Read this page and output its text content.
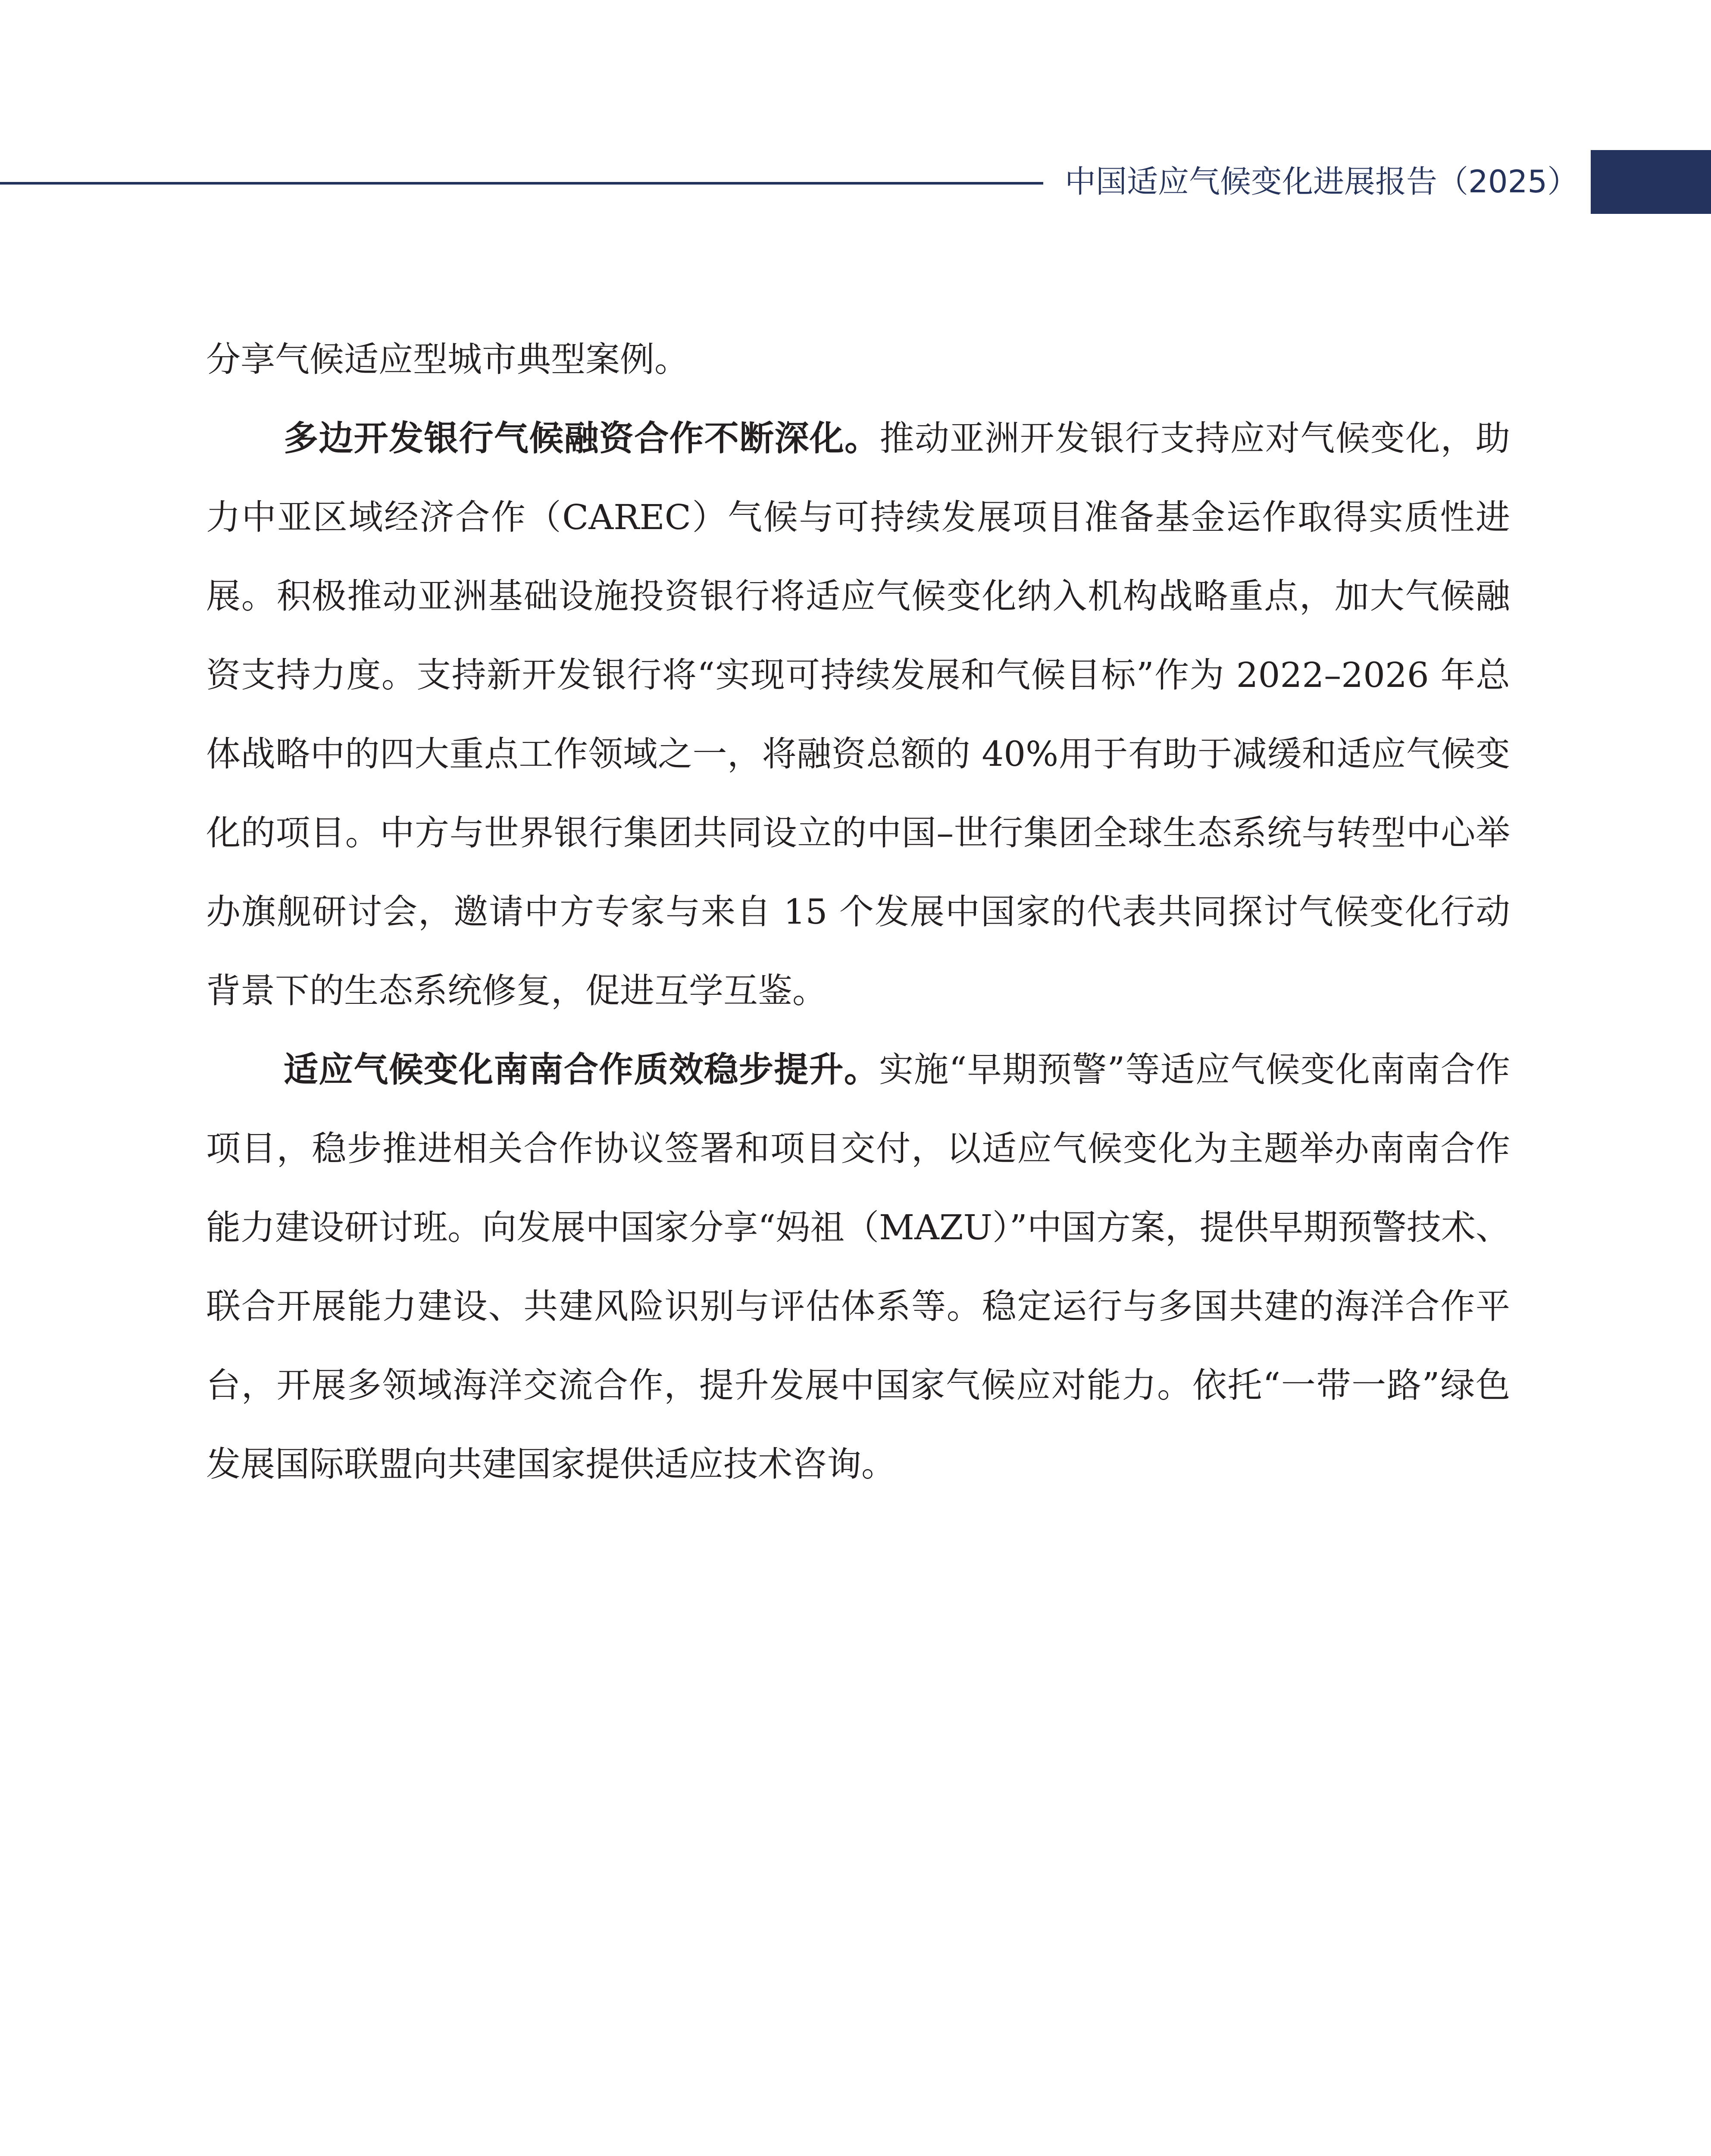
中国适应气候变化进展报告（2025）

分享气候适应型城市典型案例。

多边开发银行气候融资合作不断深化。推动亚洲开发银行支持应对气候变化，助力中亚区域经济合作（CAREC）气候与可持续发展项目准备基金运作取得实质性进展。积极推动亚洲基础设施投资银行将适应气候变化纳入机构战略重点，加大气候融资支持力度。支持新开发银行将“实现可持续发展和气候目标”作为 2022–2026 年总体战略中的四大重点工作领域之一，将融资总额的 40%用于有助于减缓和适应气候变化的项目。中方与世界银行集团共同设立的中国–世行集团全球生态系统与转型中心举办旗舰研讨会，邀请中方专家与来自 15 个发展中国家的代表共同探讨气候变化行动背景下的生态系统修复，促进互学互鉴。

适应气候变化南南合作质效稳步提升。实施“早期预警”等适应气候变化南南合作项目，稳步推进相关合作协议签署和项目交付，以适应气候变化为主题举办南南合作能力建设研讨班。向发展中国家分享“妈祖（MAZU）”中国方案，提供早期预警技术、联合开展能力建设、共建风险识别与评估体系等。稳定运行与多国共建的海洋合作平台，开展多领域海洋交流合作，提升发展中国家气候应对能力。依托“一带一路”绿色发展国际联盟向共建国家提供适应技术咨询。
